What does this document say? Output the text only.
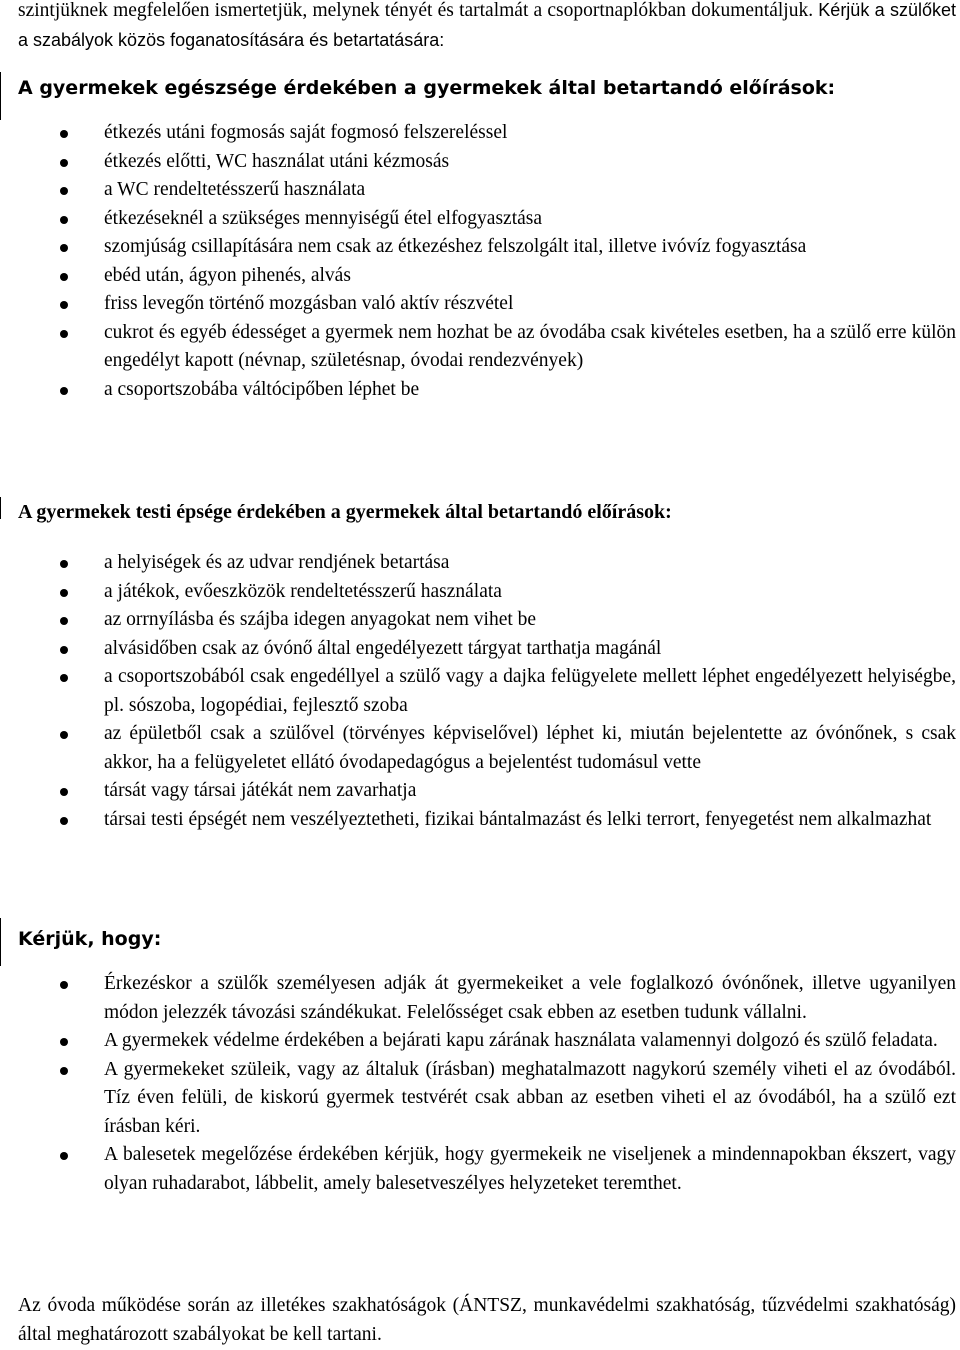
szintjüknek megfelelően ismertetjük, melynek tényét és tartalmát a csoportnaplókban dokumentáljuk. Kérjük a szülőket a szabályok közös foganatosítására és betartatására:

A gyermekek egészsége érdekében a gyermekek által betartandó előírások:
étkezés utáni fogmosás saját fogmosó felszereléssel
étkezés előtti, WC használat utáni kézmosás
a WC rendeltetésszerű használata
étkezéseknél a szükséges mennyiségű étel elfogyasztása
szomjúság csillapítására nem csak az étkezéshez felszolgált ital, illetve ivóvíz fogyasztása
ebéd után, ágyon pihenés, alvás
friss levegőn történő mozgásban való aktív részvétel
cukrot és egyéb édességet a gyermek nem hozhat be az óvodába csak kivételes esetben, ha a szülő erre külön engedélyt kapott (névnap, születésnap, óvodai rendezvények)
a csoportszobába váltócipőben léphet be
A gyermekek testi épsége érdekében a gyermekek által betartandó előírások:
a helyiségek és az udvar rendjének betartása
a játékok, evőeszközök rendeltetésszerű használata
az orrnyílásba és szájba idegen anyagokat nem vihet be
alvásidőben csak az óvónő által engedélyezett tárgyat tarthatja magánál
a csoportszobából csak engedéllyel a szülő vagy a dajka felügyelete mellett léphet engedélyezett helyiségbe, pl. sószoba, logopédiai, fejlesztő szoba
az épületből csak a szülővel (törvényes képviselővel) léphet ki, miután bejelentette az óvónőnek, s csak akkor, ha a felügyeletet ellátó óvodapedagógus a bejelentést tudomásul vette
társát vagy társai játékát nem zavarhatja
társai testi épségét nem veszélyeztetheti, fizikai bántalmazást és lelki terrort, fenyegetést nem alkalmazhat
Kérjük, hogy:
Érkezéskor a szülők személyesen adják át gyermekeiket a vele foglalkozó óvónőnek, illetve ugyanilyen módon jelezzék távozási szándékukat. Felelősséget csak ebben az esetben tudunk vállalni.
A gyermekek védelme érdekében a bejárati kapu zárának használata valamennyi dolgozó és szülő feladata.
A gyermekeket szüleik, vagy az általuk (írásban) meghatalmazott nagykorú személy viheti el az óvodából. Tíz éven felüli, de kiskorú gyermek testvérét csak abban az esetben viheti el az óvodából, ha a szülő ezt írásban kéri.
A balesetek megelőzése érdekében kérjük, hogy gyermekeik ne viseljenek a mindennapokban ékszert, vagy olyan ruhadarabot, lábbelit, amely balesetveszélyes helyzeteket teremthet.

Az óvoda működése során az illetékes szakhatóságok (ÁNTSZ, munkavédelmi szakhatóság, tűzvédelmi szakhatóság) által meghatározott szabályokat be kell tartani.
